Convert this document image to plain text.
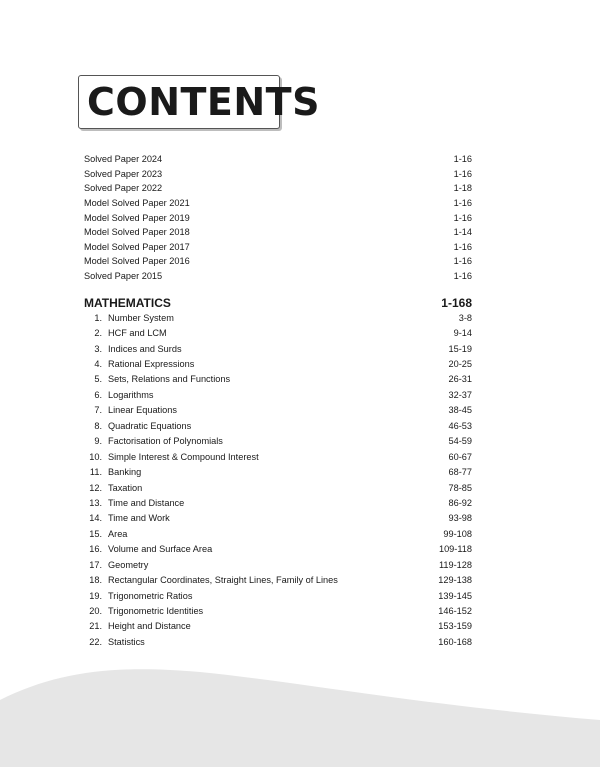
CONTENTS
Solved Paper 2024	1-16
Solved Paper 2023	1-16
Solved Paper 2022	1-18
Model Solved Paper 2021	1-16
Model Solved Paper 2019	1-16
Model Solved Paper 2018	1-14
Model Solved Paper 2017	1-16
Model Solved Paper 2016	1-16
Solved Paper 2015	1-16
MATHEMATICS	1-168
1. Number System	3-8
2. HCF and LCM	9-14
3. Indices and Surds	15-19
4. Rational Expressions	20-25
5. Sets, Relations and Functions	26-31
6. Logarithms	32-37
7. Linear Equations	38-45
8. Quadratic Equations	46-53
9. Factorisation of Polynomials	54-59
10. Simple Interest & Compound Interest	60-67
11. Banking	68-77
12. Taxation	78-85
13. Time and Distance	86-92
14. Time and Work	93-98
15. Area	99-108
16. Volume and Surface Area	109-118
17. Geometry	119-128
18. Rectangular Coordinates, Straight Lines, Family of Lines	129-138
19. Trigonometric Ratios	139-145
20. Trigonometric Identities	146-152
21. Height and Distance	153-159
22. Statistics	160-168
